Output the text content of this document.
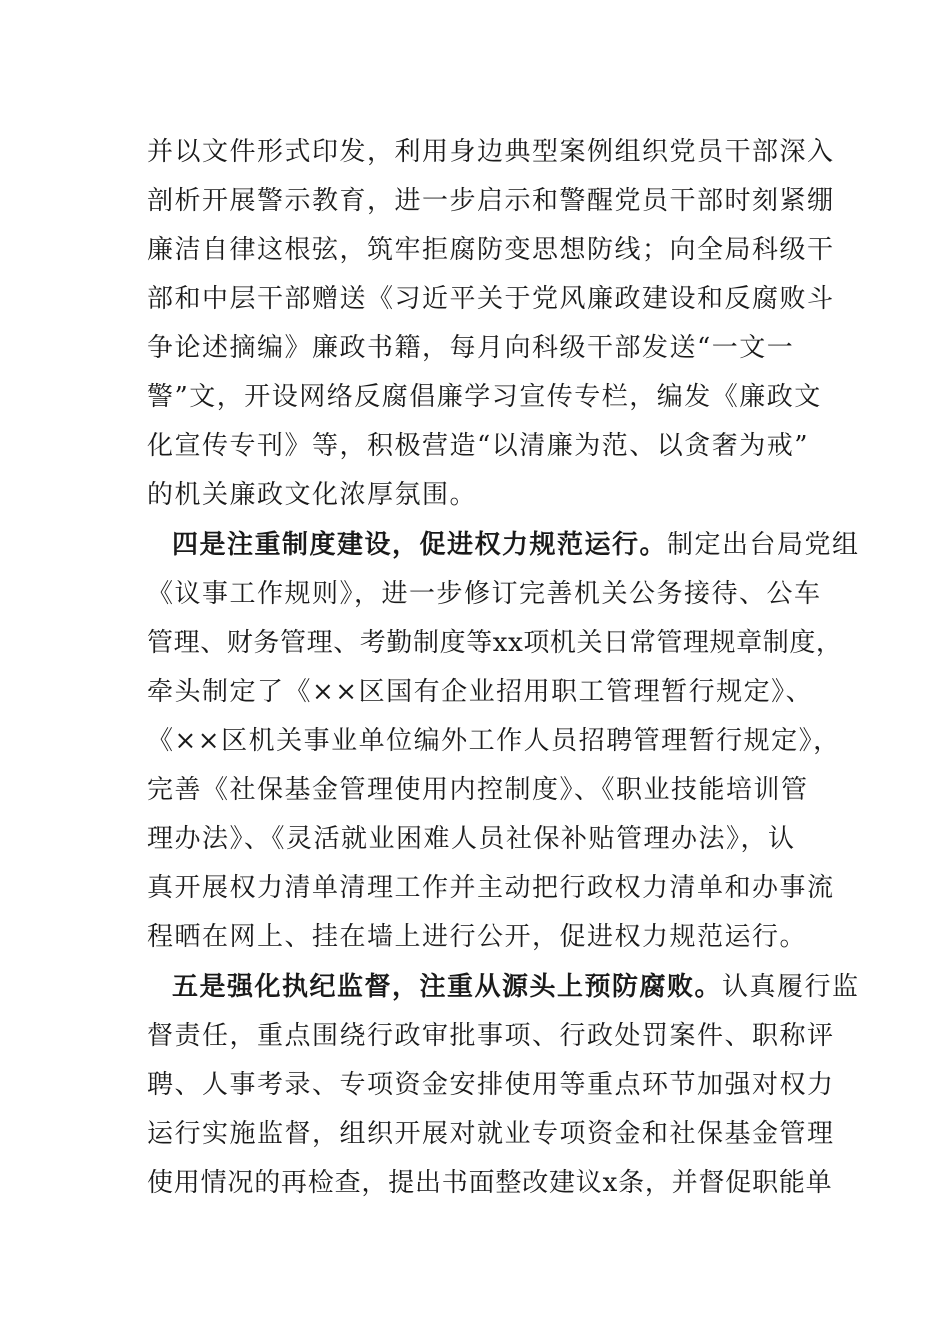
并以文件形式印发，利用身边典型案例组织党员干部深入
剖析开展警示教育，进一步启示和警醒党员干部时刻紧绷
廉洁自律这根弦，筑牢拒腐防变思想防线；向全局科级干
部和中层干部赠送《习近平关于党风廉政建设和反腐败斗
争论述摘编》廉政书籍，每月向科级干部发送“一文一
警”文，开设网络反腐倡廉学习宣传专栏，编发《廉政文
化宣传专刊》等，积极营造“以清廉为范、以贪奢为戒”
的机关廉政文化浓厚氛围。
四是注重制度建设，促进权力规范运行。制定出台局党组
《议事工作规则》，进一步修订完善机关公务接待、公车
管理、财务管理、考勤制度等xx项机关日常管理规章制度，
牵头制定了《××区国有企业招用职工管理暂行规定》、
《××区机关事业单位编外工作人员招聘管理暂行规定》，
完善《社保基金管理使用内控制度》、《职业技能培训管
理办法》、《灵活就业困难人员社保补贴管理办法》，认
真开展权力清单清理工作并主动把行政权力清单和办事流
程晒在网上、挂在墙上进行公开，促进权力规范运行。
五是强化执纪监督，注重从源头上预防腐败。认真履行监
督责任，重点围绕行政审批事项、行政处罚案件、职称评
聘、人事考录、专项资金安排使用等重点环节加强对权力
运行实施监督，组织开展对就业专项资金和社保基金管理
使用情况的再检查，提出书面整改建议x条，并督促职能单
